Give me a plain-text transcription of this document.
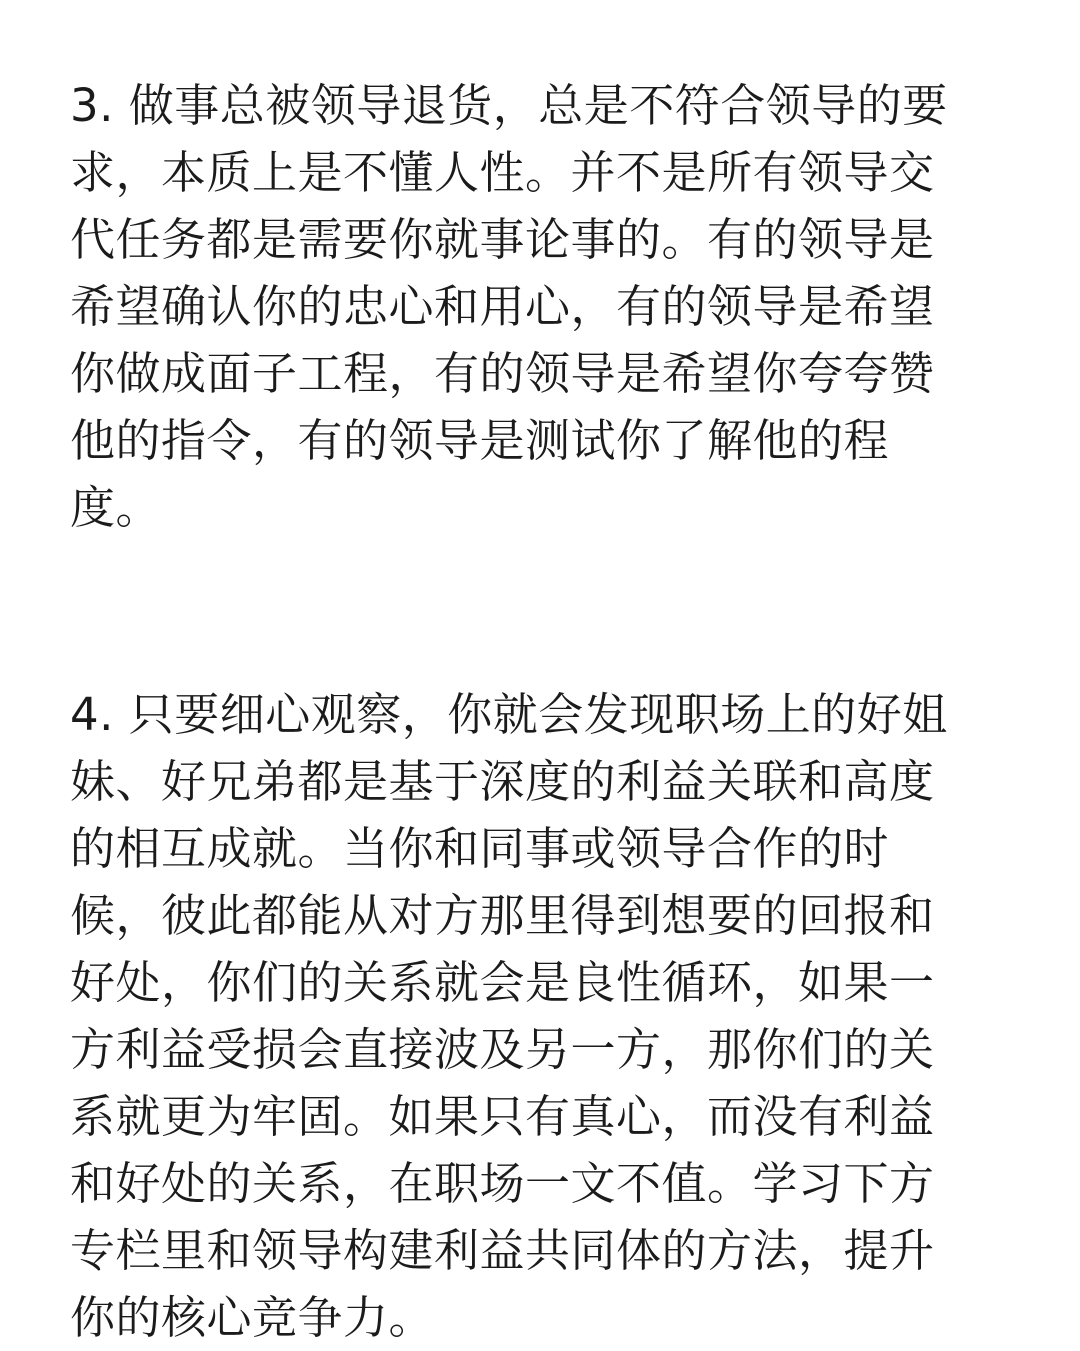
3. 做事总被领导退货，总是不符合领导的要
求，本质上是不懂人性。并不是所有领导交
代任务都是需要你就事论事的。有的领导是
希望确认你的忠心和用心，有的领导是希望
你做成面子工程，有的领导是希望你夸夸赞
他的指令，有的领导是测试你了解他的程
度。
4. 只要细心观察，你就会发现职场上的好姐
妹、好兄弟都是基于深度的利益关联和高度
的相互成就。当你和同事或领导合作的时
候，彼此都能从对方那里得到想要的回报和
好处，你们的关系就会是良性循环，如果一
方利益受损会直接波及另一方，那你们的关
系就更为牢固。如果只有真心，而没有利益
和好处的关系，在职场一文不值。学习下方
专栏里和领导构建利益共同体的方法，提升
你的核心竞争力。
